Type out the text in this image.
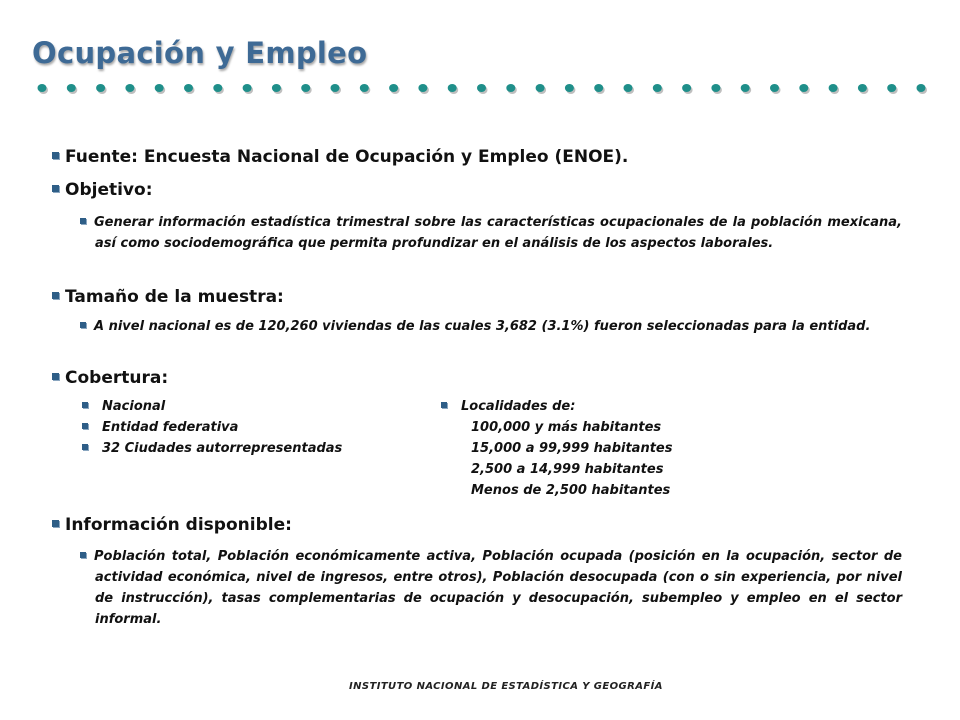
Ocupación y Empleo
Fuente: Encuesta Nacional de Ocupación y Empleo (ENOE).
Objetivo:
Generar información estadística trimestral sobre las características ocupacionales de la población mexicana, así como sociodemográfica que permita profundizar en el análisis de los aspectos laborales.
Tamaño de la muestra:
A nivel nacional es de 120,260 viviendas de las cuales 3,682 (3.1%) fueron seleccionadas para la entidad.
Cobertura:
Nacional
Entidad federativa
32 Ciudades autorrepresentadas
Localidades de:
100,000 y más habitantes
15,000 a 99,999 habitantes
2,500 a 14,999 habitantes
Menos de 2,500 habitantes
Información disponible:
Población total, Población económicamente activa, Población ocupada (posición en la ocupación, sector de actividad económica, nivel de ingresos, entre otros), Población desocupada (con o sin experiencia, por nivel de instrucción), tasas complementarias de ocupación y desocupación, subempleo y empleo en el sector informal.
INSTITUTO NACIONAL DE ESTADÍSTICA Y GEOGRAFÍA
